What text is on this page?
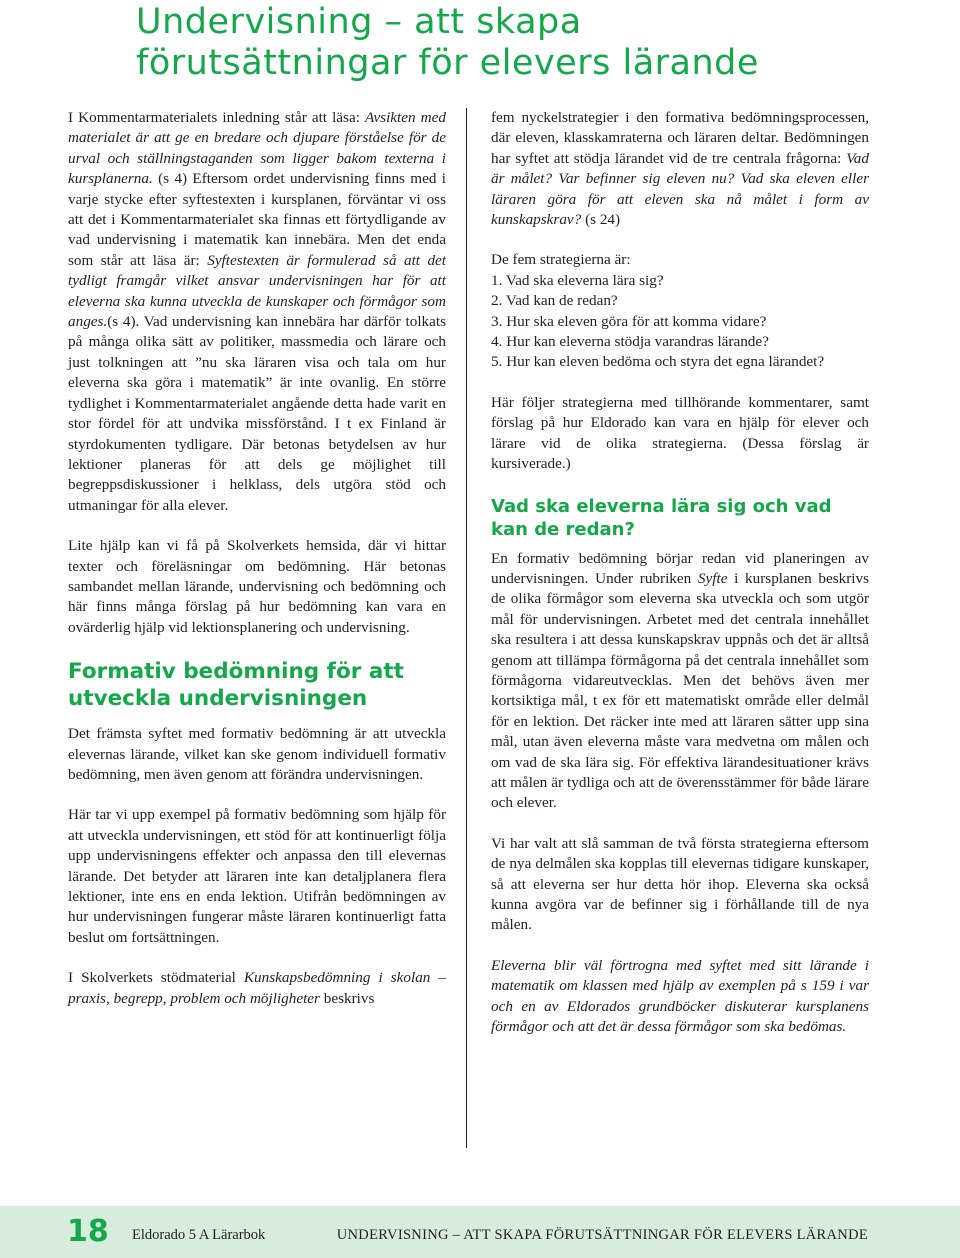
Undervisning – att skapa
förutsättningar för elevers lärande

I Kommentarmaterialets inledning står att läsa: Avsikten med materialet är att ge en bredare och djupare förståelse för de urval och ställningstaganden som ligger bakom texterna i kursplanerna. (s 4) Eftersom ordet undervisning finns med i varje stycke efter syftestexten i kursplanen, förväntar vi oss att det i Kommentarmaterialet ska finnas ett förtydligande av vad undervisning i matematik kan innebära. Men det enda som står att läsa är: Syftestexten är formulerad så att det tydligt framgår vilket ansvar undervisningen har för att eleverna ska kunna utveckla de kunskaper och förmågor som anges.(s 4). Vad undervisning kan innebära har därför tolkats på många olika sätt av politiker, massmedia och lärare och just tolkningen att ”nu ska läraren visa och tala om hur eleverna ska göra i matematik” är inte ovanlig. En större tydlighet i Kommentarmaterialet angående detta hade varit en stor fördel för att undvika missförstånd. I t ex Finland är styrdokumenten tydligare. Där betonas betydelsen av hur lektioner planeras för att dels ge möjlighet till begreppsdiskussioner i helklass, dels utgöra stöd och utmaningar för alla elever.

Lite hjälp kan vi få på Skolverkets hemsida, där vi hittar texter och föreläsningar om bedömning. Här betonas sambandet mellan lärande, undervisning och bedömning och här finns många förslag på hur bedömning kan vara en ovärderlig hjälp vid lektionsplanering och undervisning.

Formativ bedömning för att utveckla undervisningen

Det främsta syftet med formativ bedömning är att utveckla elevernas lärande, vilket kan ske genom individuell formativ bedömning, men även genom att förändra undervisningen.

Här tar vi upp exempel på formativ bedömning som hjälp för att utveckla undervisningen, ett stöd för att kontinuerligt följa upp undervisningens effekter och anpassa den till elevernas lärande. Det betyder att läraren inte kan detaljplanera flera lektioner, inte ens en enda lektion. Utifrån bedömningen av hur undervisningen fungerar måste läraren kontinuerligt fatta beslut om fortsättningen.

I Skolverkets stödmaterial Kunskapsbedömning i skolan – praxis, begrepp, problem och möjligheter beskrivs

fem nyckelstrategier i den formativa bedömningsprocessen, där eleven, klasskamraterna och läraren deltar. Bedömningen har syftet att stödja lärandet vid de tre centrala frågorna: Vad är målet? Var befinner sig eleven nu? Vad ska eleven eller läraren göra för att eleven ska nå målet i form av kunskapskrav? (s 24)

De fem strategierna är:

1. Vad ska eleverna lära sig?
2. Vad kan de redan?
3. Hur ska eleven göra för att komma vidare?
4. Hur kan eleverna stödja varandras lärande?
5. Hur kan eleven bedöma och styra det egna lärandet?

Här följer strategierna med tillhörande kommentarer, samt förslag på hur Eldorado kan vara en hjälp för elever och lärare vid de olika strategierna. (Dessa förslag är kursiverade.)

Vad ska eleverna lära sig och vad kan de redan?

En formativ bedömning börjar redan vid planeringen av undervisningen. Under rubriken Syfte i kursplanen beskrivs de olika förmågor som eleverna ska utveckla och som utgör mål för undervisningen. Arbetet med det centrala innehållet ska resultera i att dessa kunskapskrav uppnås och det är alltså genom att tillämpa förmågorna på det centrala innehållet som förmågorna vidareutvecklas. Men det behövs även mer kortsiktiga mål, t ex för ett matematiskt område eller delmål för en lektion. Det räcker inte med att läraren sätter upp sina mål, utan även eleverna måste vara medvetna om målen och om vad de ska lära sig. För effektiva lärandesituationer krävs att målen är tydliga och att de överensstämmer för både lärare och elever.

Vi har valt att slå samman de två första strategierna eftersom de nya delmålen ska kopplas till elevernas tidigare kunskaper, så att eleverna ser hur detta hör ihop. Eleverna ska också kunna avgöra var de befinner sig i förhållande till de nya målen.

Eleverna blir väl förtrogna med syftet med sitt lärande i matematik om klassen med hjälp av exemplen på s 159 i var och en av Eldorados grundböcker diskuterar kursplanens förmågor och att det är dessa förmågor som ska bedömas.

18 Eldorado 5 A Lärarbok	UNDERVISNING – ATT SKAPA FÖRUTSÄTTNINGAR FÖR ELEVERS LÄRANDE
